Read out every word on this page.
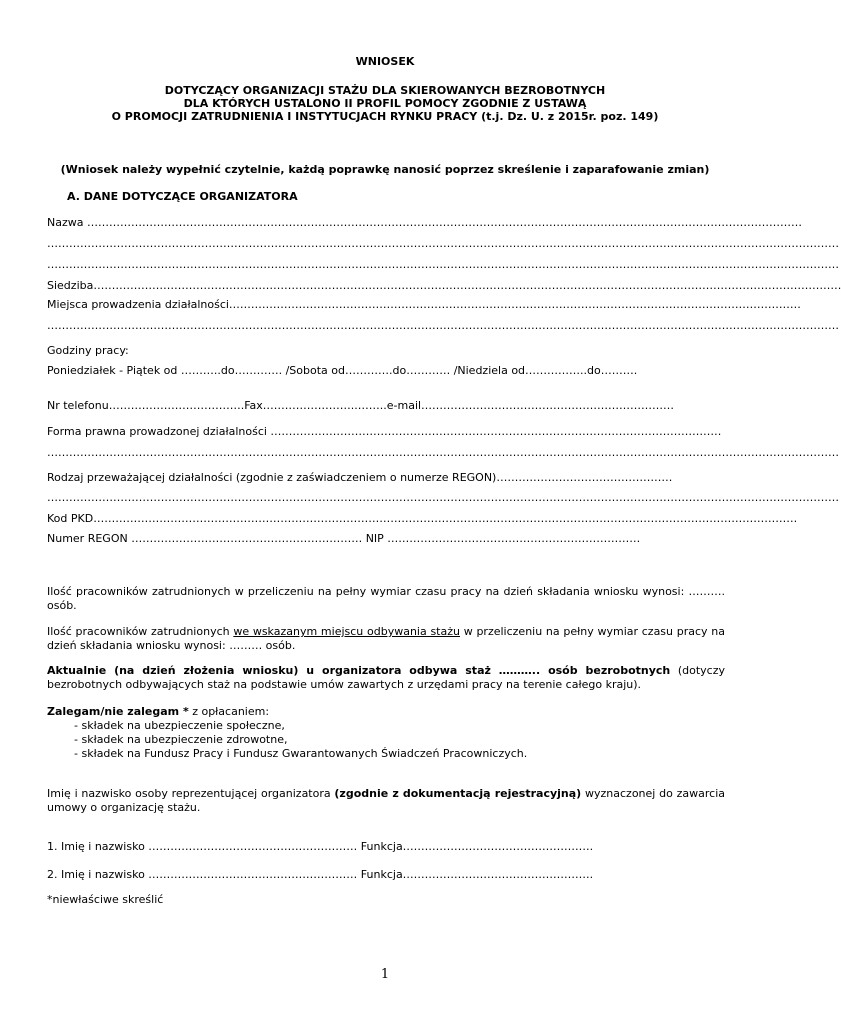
WNIOSEK
DOTYCZĄCY ORGANIZACJI STAŻU DLA SKIEROWANYCH BEZROBOTNYCH
DLA KTÓRYCH USTALONO II PROFIL POMOCY ZGODNIE Z USTAWĄ
O PROMOCJI ZATRUDNIENIA I INSTYTUCJACH RYNKU PRACY (t.j. Dz. U. z 2015r. poz. 149)
(Wniosek należy wypełnić czytelnie, każdą poprawkę nanosić poprzez skreślenie i zaparafowanie zmian)
A. DANE DOTYCZĄCE ORGANIZATORA
Nazwa ……………………………………………………………………………………………………………………………………………………………………………
………………………………………………………………………………………………………………………………………………………………………………………………
………………………………………………………………………………………………………………………………………………………………………………………………
Siedziba……………………………………………………………………………………………………………………………………………………………………………………
Miejsca prowadzenia działalności…………………………………………………………………………………………………………………………………………
………………………………………………………………………………………………………………………………………………………………………………………………
Godziny pracy:
Poniedziałek - Piątek od ………..do…………. /Sobota od………….do………… /Niedziela od……………..do……….
Nr telefonu……………………………….Fax……………………..……..e-mail……………………………………………………………
Forma prawna prowadzonej działalności ……………………………………………………………………………………………………………
………………………………………………………………………………………………………………………………………………………………………………………………
Rodzaj przeważającej działalności (zgodnie z zaświadczeniem o numerze REGON)…………………………………………
………………………………………………………………………………………………………………………………………………………………………………………………
Kod PKD…………………………………………………………………………………………………………………………………………………………………………
Numer REGON ……………………………………………………… NIP ……………………………………………………………
Ilość pracowników zatrudnionych w przeliczeniu na pełny wymiar czasu pracy na dzień składania wniosku wynosi: ………. osób.
Ilość pracowników zatrudnionych we wskazanym miejscu odbywania stażu w przeliczeniu na pełny wymiar czasu pracy na dzień składania wniosku wynosi: ……… osób.
Aktualnie (na dzień złożenia wniosku) u organizatora odbywa staż ……….. osób bezrobotnych (dotyczy bezrobotnych odbywających staż na podstawie umów zawartych z urzędami pracy na terenie całego kraju).
Zalegam/nie zalegam * z opłacaniem:
- składek na ubezpieczenie społeczne,
- składek na ubezpieczenie zdrowotne,
- składek na Fundusz Pracy i Fundusz Gwarantowanych Świadczeń Pracowniczych.
Imię i nazwisko osoby reprezentującej organizatora (zgodnie z dokumentacją rejestracyjną) wyznaczonej do zawarcia umowy o organizację stażu.
1. Imię i nazwisko ………………………………………………… Funkcja…………………………………………….
2. Imię i nazwisko ………………………………………………… Funkcja…………………………………………….
*niewłaściwe skreślić
1
